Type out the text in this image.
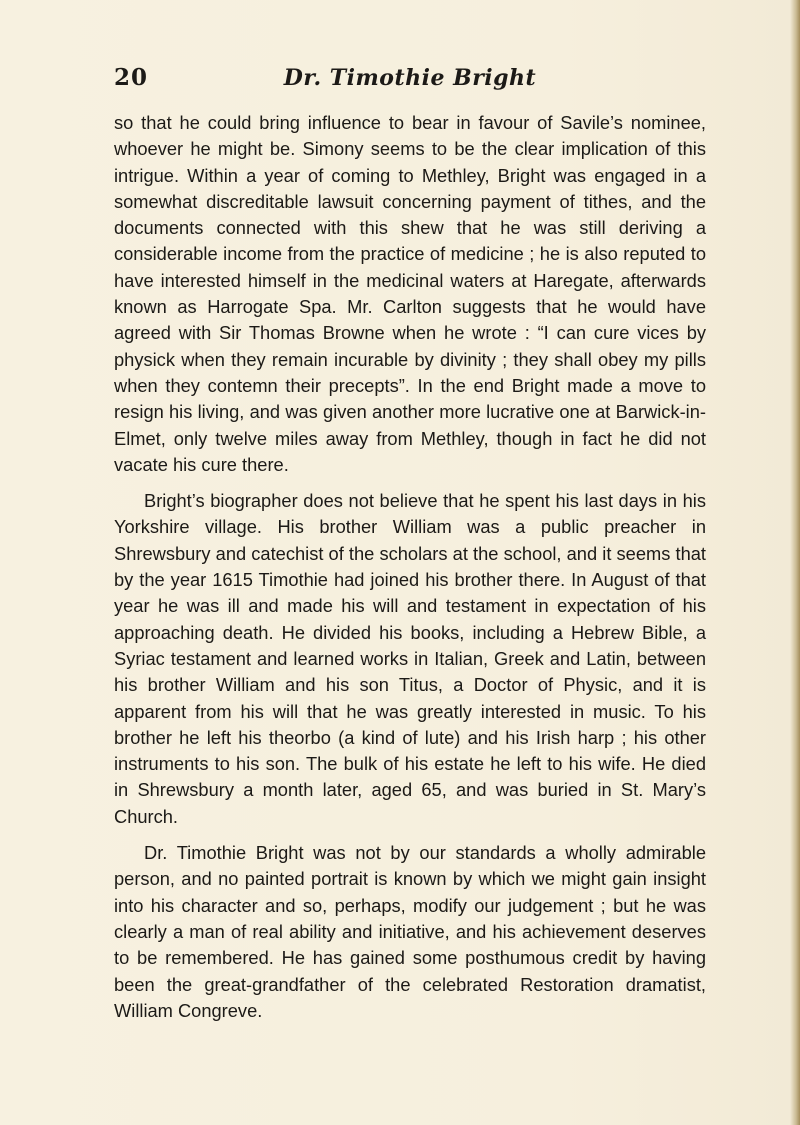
20	Dr. Timothie Bright

so that he could bring influence to bear in favour of Savile’s nominee, whoever he might be. Simony seems to be the clear implication of this intrigue. Within a year of coming to Methley, Bright was engaged in a somewhat discreditable lawsuit concerning payment of tithes, and the documents connected with this shew that he was still deriving a considerable income from the practice of medicine ; he is also reputed to have interested himself in the medicinal waters at Haregate, afterwards known as Harrogate Spa. Mr. Carlton suggests that he would have agreed with Sir Thomas Browne when he wrote : “I can cure vices by physick when they remain incurable by divinity ; they shall obey my pills when they contemn their precepts”. In the end Bright made a move to resign his living, and was given another more lucrative one at Barwick-in-Elmet, only twelve miles away from Methley, though in fact he did not vacate his cure there.

Bright’s biographer does not believe that he spent his last days in his Yorkshire village. His brother William was a public preacher in Shrewsbury and catechist of the scholars at the school, and it seems that by the year 1615 Timothie had joined his brother there. In August of that year he was ill and made his will and testament in expectation of his approaching death. He divided his books, including a Hebrew Bible, a Syriac testament and learned works in Italian, Greek and Latin, between his brother William and his son Titus, a Doctor of Physic, and it is apparent from his will that he was greatly interested in music. To his brother he left his theorbo (a kind of lute) and his Irish harp ; his other instruments to his son. The bulk of his estate he left to his wife. He died in Shrewsbury a month later, aged 65, and was buried in St. Mary’s Church.

Dr. Timothie Bright was not by our standards a wholly admirable person, and no painted portrait is known by which we might gain insight into his character and so, perhaps, modify our judgement ; but he was clearly a man of real ability and initiative, and his achievement deserves to be remembered. He has gained some posthumous credit by having been the great-grandfather of the celebrated Restoration dramatist, William Congreve.
